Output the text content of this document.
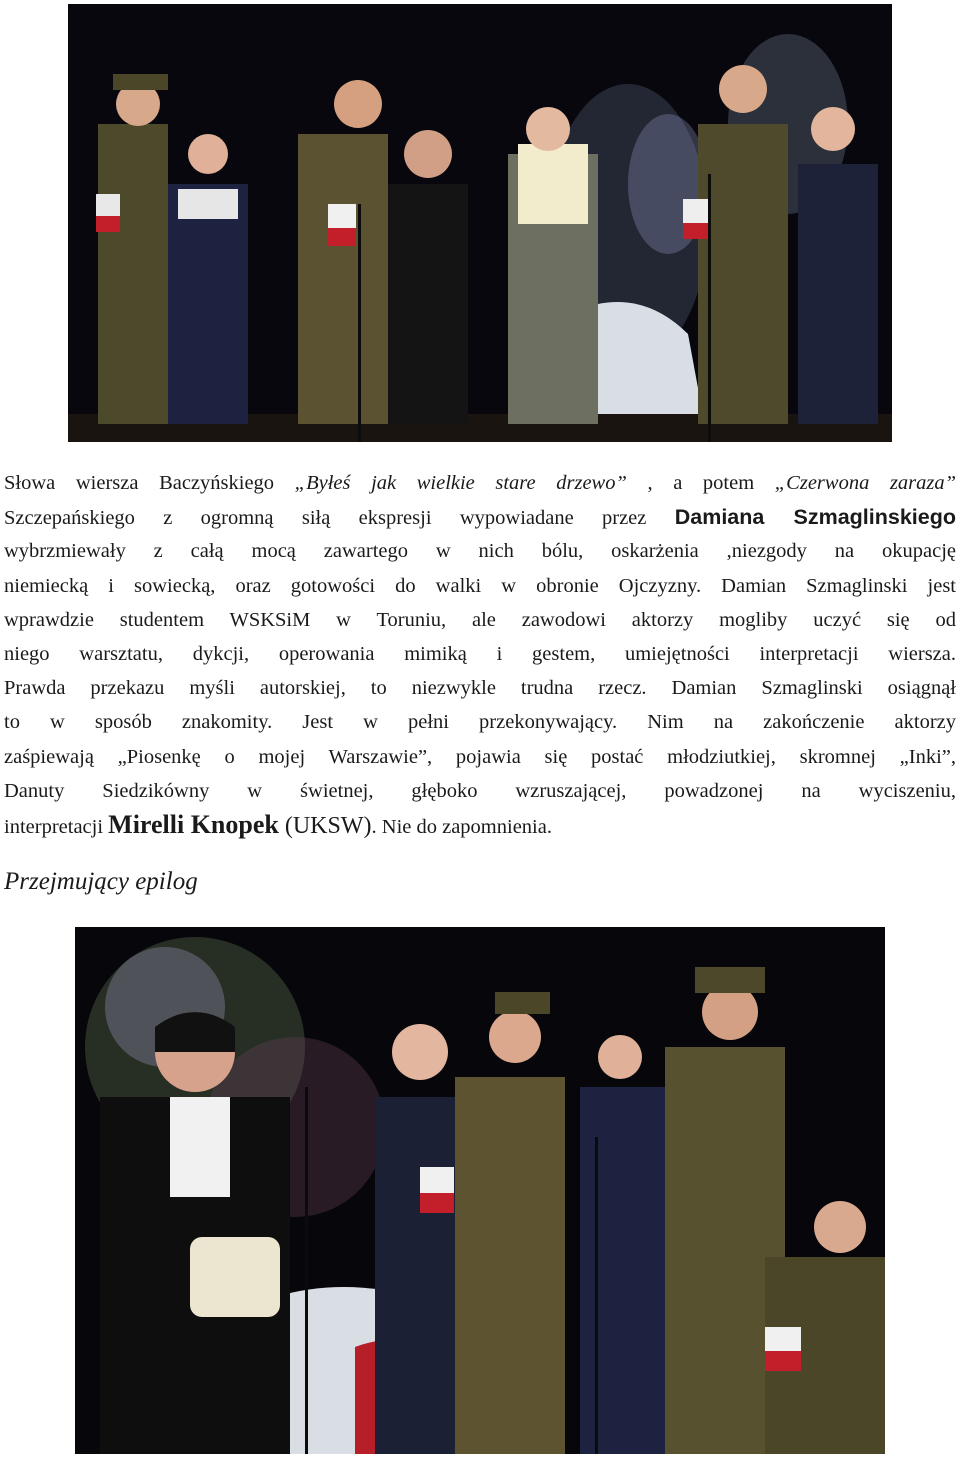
Słowa wiersza Baczyńskiego „Byłeś jak wielkie stare drzewo” , a potem „Czerwona zaraza”
Szczepańskiego z ogromną siłą ekspresji wypowiadane przez Damiana Szmaglinskiego
wybrzmiewały z całą mocą zawartego w nich bólu, oskarżenia ,niezgody na okupację
niemiecką i sowiecką, oraz gotowości do walki w obronie Ojczyzny. Damian Szmaglinski jest
wprawdzie studentem WSKSiM w Toruniu, ale zawodowi aktorzy mogliby uczyć się od
niego warsztatu, dykcji, operowania mimiką i gestem, umiejętności interpretacji wiersza.
Prawda przekazu myśli autorskiej, to niezwykle trudna rzecz. Damian Szmaglinski osiągnął
to w sposób znakomity. Jest w pełni przekonywający. Nim na zakończenie aktorzy
zaśpiewają „Piosenkę o mojej Warszawie”, pojawia się postać młodziutkiej, skromnej „Inki”,
Danuty Siedzikówny w świetnej, głęboko wzruszającej, powadzonej na wyciszeniu,
interpretacji Mirelli Knopek (UKSW). Nie do zapomnienia.
Przejmujący epilog
